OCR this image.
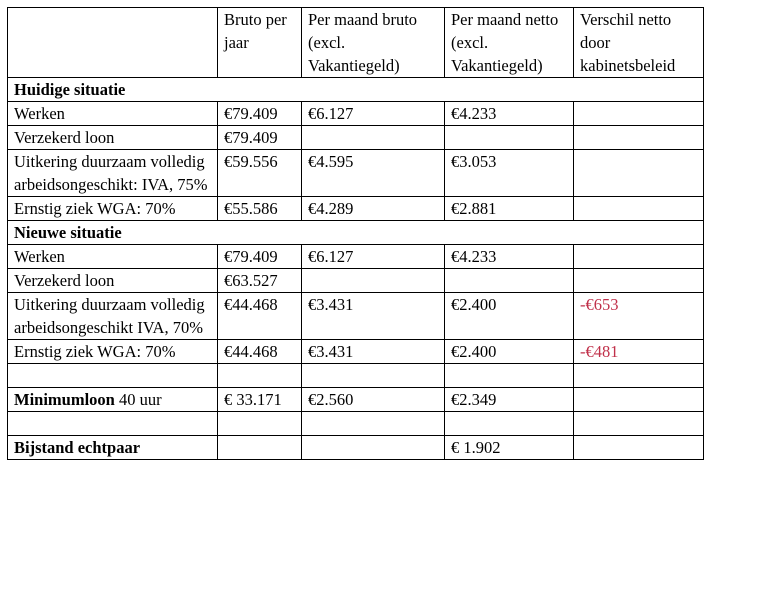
	Bruto per jaar	Per maand bruto (excl. Vakantiegeld)	Per maand netto (excl. Vakantiegeld)	Verschil netto door kabinetsbeleid
Huidige situatie				
Werken	€79.409	€6.127	€4.233	
Verzekerd loon	€79.409			
Uitkering duurzaam volledig arbeidsongeschikt: IVA, 75%	€59.556	€4.595	€3.053	
Ernstig ziek WGA: 70%	€55.586	€4.289	€2.881	
Nieuwe situatie				
Werken	€79.409	€6.127	€4.233	
Verzekerd loon	€63.527			
Uitkering duurzaam volledig arbeidsongeschikt IVA, 70%	€44.468	€3.431	€2.400	-€653
Ernstig ziek WGA: 70%	€44.468	€3.431	€2.400	-€481

Minimumloon 40 uur	€ 33.171	€2.560	€2.349	

Bijstand echtpaar			€ 1.902	
